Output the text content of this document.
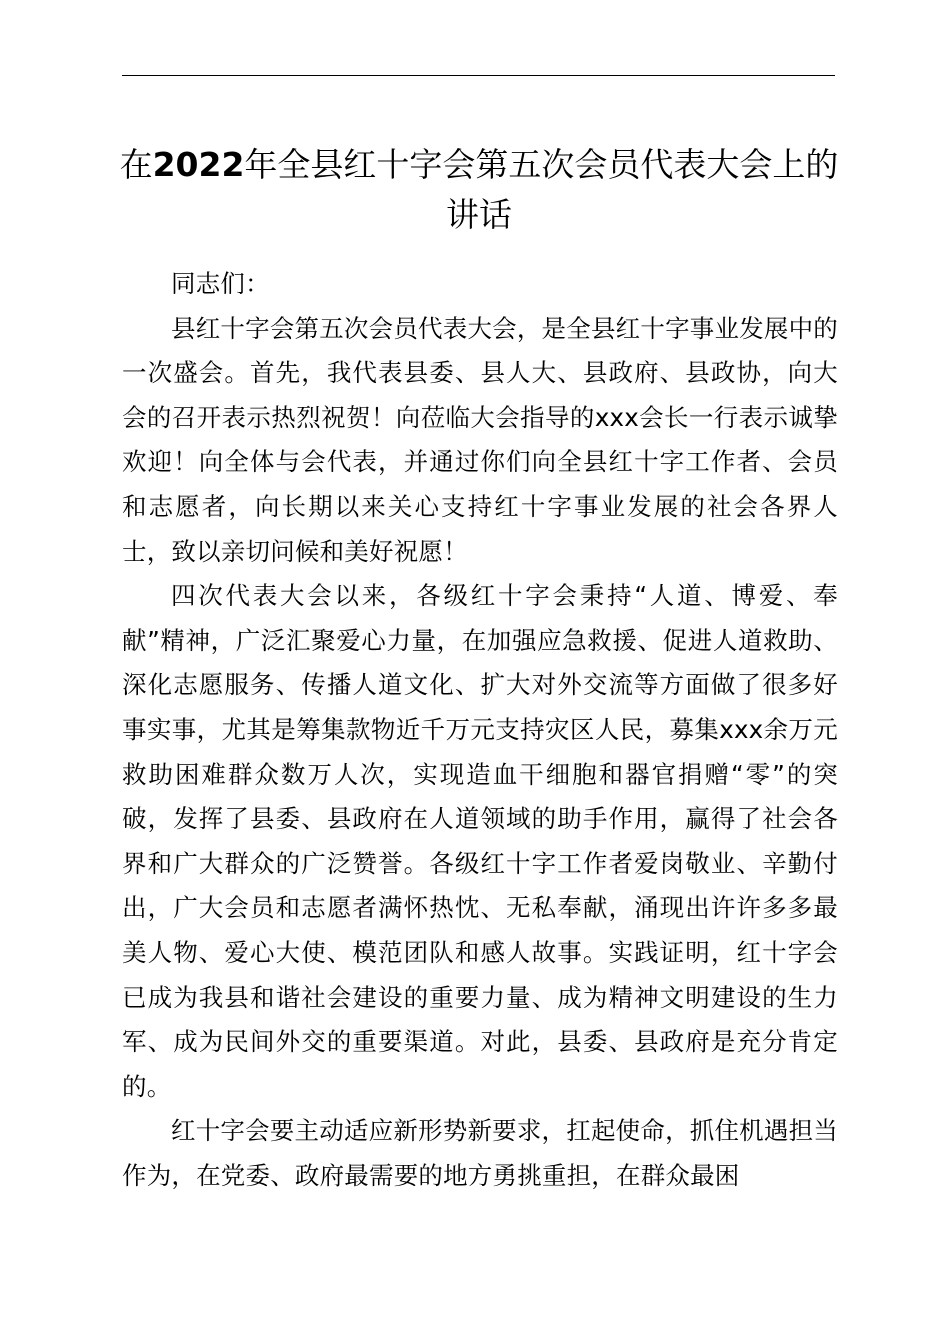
在2022年全县红十字会第五次会员代表大会上的讲话

同志们：

县红十字会第五次会员代表大会，是全县红十字事业发展中的一次盛会。首先，我代表县委、县人大、县政府、县政协，向大会的召开表示热烈祝贺！向莅临大会指导的xxx会长一行表示诚挚欢迎！向全体与会代表，并通过你们向全县红十字工作者、会员和志愿者，向长期以来关心支持红十字事业发展的社会各界人士，致以亲切问候和美好祝愿！

四次代表大会以来，各级红十字会秉持“人道、博爱、奉献”精神，广泛汇聚爱心力量，在加强应急救援、促进人道救助、深化志愿服务、传播人道文化、扩大对外交流等方面做了很多好事实事，尤其是筹集款物近千万元支持灾区人民，募集xxx余万元救助困难群众数万人次，实现造血干细胞和器官捐赠“零”的突破，发挥了县委、县政府在人道领域的助手作用，赢得了社会各界和广大群众的广泛赞誉。各级红十字工作者爱岗敬业、辛勤付出，广大会员和志愿者满怀热忱、无私奉献，涌现出许许多多最美人物、爱心大使、模范团队和感人故事。实践证明，红十字会已成为我县和谐社会建设的重要力量、成为精神文明建设的生力军、成为民间外交的重要渠道。对此，县委、县政府是充分肯定的。

红十字会要主动适应新形势新要求，扛起使命，抓住机遇担当作为，在党委、政府最需要的地方勇挑重担，在群众最困
